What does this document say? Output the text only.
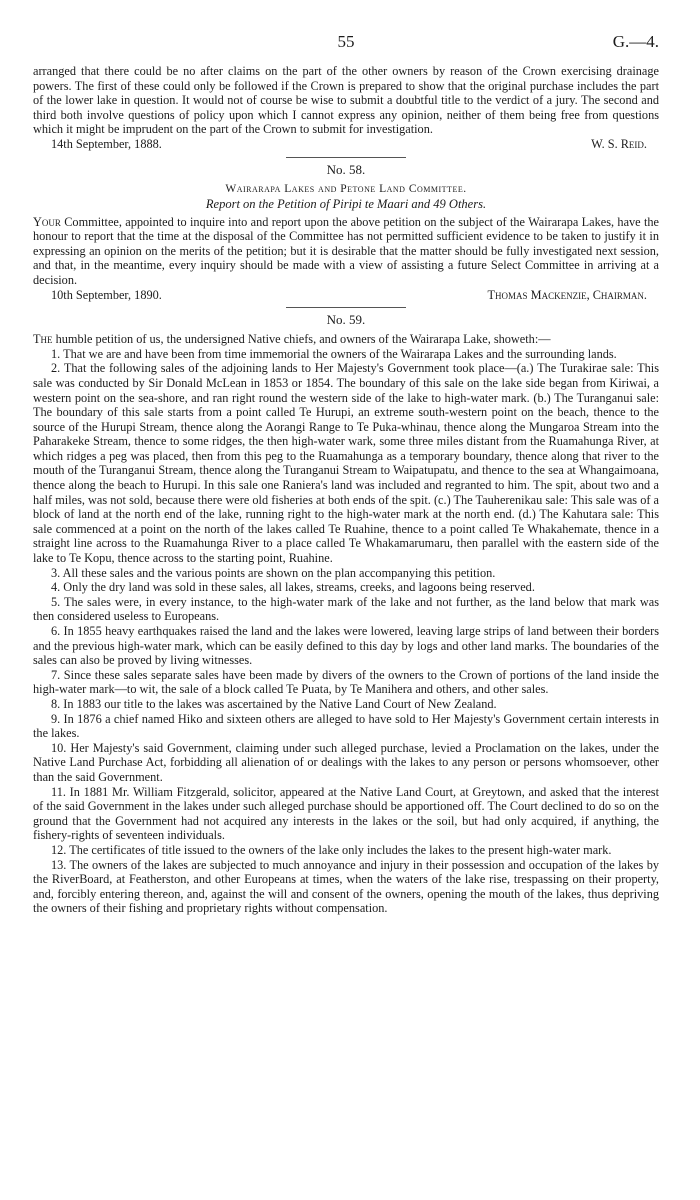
55	G.—4.

arranged that there could be no after claims on the part of the other owners by reason of the Crown exercising drainage powers. The first of these could only be followed if the Crown is prepared to show that the original purchase includes the part of the lower lake in question. It would not of course be wise to submit a doubtful title to the verdict of a jury. The second and third both involve questions of policy upon which I cannot express any opinion, neither of them being free from questions which it might be imprudent on the part of the Crown to submit for investigation.

14th September, 1888.	W. S. Reid.
No. 58.
Wairarapa Lakes and Petone Land Committee.
Report on the Petition of Piripi te Maari and 49 Others.

Your Committee, appointed to inquire into and report upon the above petition on the subject of the Wairarapa Lakes, have the honour to report that the time at the disposal of the Committee has not permitted sufficient evidence to be taken to justify it in expressing an opinion on the merits of the petition; but it is desirable that the matter should be fully investigated next session, and that, in the meantime, every inquiry should be made with a view of assisting a future Select Committee in arriving at a decision.

10th September, 1890.	Thomas Mackenzie, Chairman.
No. 59.

The humble petition of us, the undersigned Native chiefs, and owners of the Wairarapa Lake, showeth:—

1. That we are and have been from time immemorial the owners of the Wairarapa Lakes and the surrounding lands.

2. That the following sales of the adjoining lands to Her Majesty's Government took place—(a.) The Turakirae sale: This sale was conducted by Sir Donald McLean in 1853 or 1854. The boundary of this sale on the lake side began from Kiriwai, a western point on the sea-shore, and ran right round the western side of the lake to high-water mark. (b.) The Turanganui sale: The boundary of this sale starts from a point called Te Hurupi, an extreme south-western point on the beach, thence to the source of the Hurupi Stream, thence along the Aorangi Range to Te Puka-whinau, thence along the Mungaroa Stream into the Paharakeke Stream, thence to some ridges, the then high-water wark, some three miles distant from the Ruamahunga River, at which ridges a peg was placed, then from this peg to the Ruamahunga as a temporary boundary, thence along that river to the mouth of the Turanganui Stream, thence along the Turanganui Stream to Waipatupatu, and thence to the sea at Whangaimoana, thence along the beach to Hurupi. In this sale one Raniera's land was included and regranted to him. The spit, about two and a half miles, was not sold, because there were old fisheries at both ends of the spit. (c.) The Tauherenikau sale: This sale was of a block of land at the north end of the lake, running right to the high-water mark at the north end. (d.) The Kahutara sale: This sale commenced at a point on the north of the lakes called Te Ruahine, thence to a point called Te Whakahemate, thence in a straight line across to the Ruamahunga River to a place called Te Whakamarumaru, then parallel with the eastern side of the lake to Te Kopu, thence across to the starting point, Ruahine.

3. All these sales and the various points are shown on the plan accompanying this petition.

4. Only the dry land was sold in these sales, all lakes, streams, creeks, and lagoons being reserved.

5. The sales were, in every instance, to the high-water mark of the lake and not further, as the land below that mark was then considered useless to Europeans.

6. In 1855 heavy earthquakes raised the land and the lakes were lowered, leaving large strips of land between their borders and the previous high-water mark, which can be easily defined to this day by logs and other land marks. The boundaries of the sales can also be proved by living witnesses.

7. Since these sales separate sales have been made by divers of the owners to the Crown of portions of the land inside the high-water mark—to wit, the sale of a block called Te Puata, by Te Manihera and others, and other sales.

8. In 1883 our title to the lakes was ascertained by the Native Land Court of New Zealand.

9. In 1876 a chief named Hiko and sixteen others are alleged to have sold to Her Majesty's Government certain interests in the lakes.

10. Her Majesty's said Government, claiming under such alleged purchase, levied a Proclamation on the lakes, under the Native Land Purchase Act, forbidding all alienation of or dealings with the lakes to any person or persons whomsoever, other than the said Government.

11. In 1881 Mr. William Fitzgerald, solicitor, appeared at the Native Land Court, at Greytown, and asked that the interest of the said Government in the lakes under such alleged purchase should be apportioned off. The Court declined to do so on the ground that the Government had not acquired any interests in the lakes or the soil, but had only acquired, if anything, the fishery-rights of seventeen individuals.

12. The certificates of title issued to the owners of the lake only includes the lakes to the present high-water mark.

13. The owners of the lakes are subjected to much annoyance and injury in their possession and occupation of the lakes by the RiverBoard, at Featherston, and other Europeans at times, when the waters of the lake rise, trespassing on their property, and, forcibly entering thereon, and, against the will and consent of the owners, opening the mouth of the lakes, thus depriving the owners of their fishing and proprietary rights without compensation.
